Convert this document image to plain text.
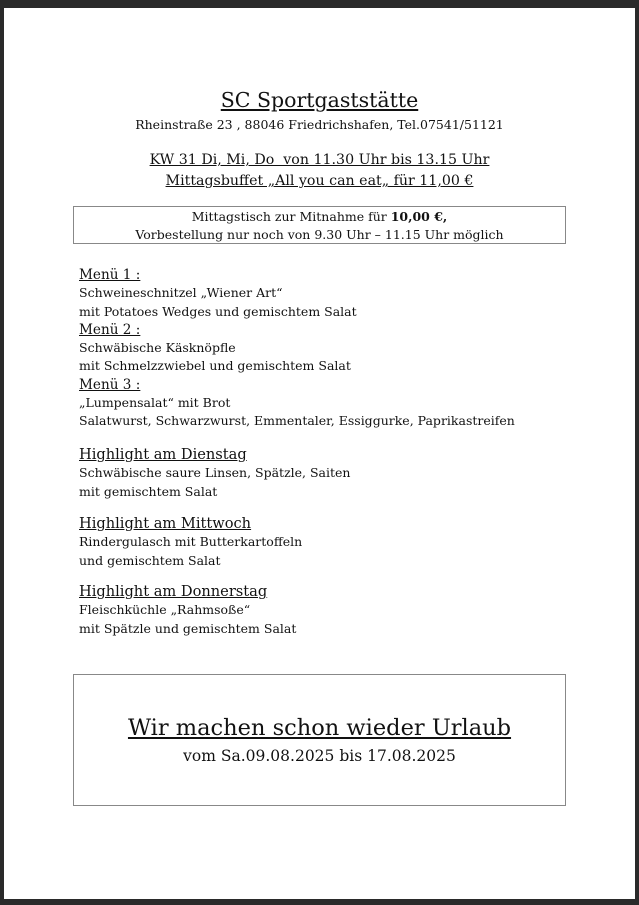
SC Sportgaststätte
Rheinstraße 23 , 88046 Friedrichshafen, Tel.07541/51121
KW 31 Di, Mi, Do  von 11.30 Uhr bis 13.15 Uhr
Mittagsbuffet „All you can eat„ für 11,00 €
Mittagstisch zur Mitnahme für 10,00 €,
Vorbestellung nur noch von 9.30 Uhr – 11.15 Uhr möglich
Menü 1 :
Schweineschnitzel „Wiener Art“
mit Potatoes Wedges und gemischtem Salat
Menü 2 :
Schwäbische Käsknöpfle
mit Schmelzzwiebel und gemischtem Salat
Menü 3 :
„Lumpensalat“ mit Brot
Salatwurst, Schwarzwurst, Emmentaler, Essiggurke, Paprikastreifen
Highlight am Dienstag
Schwäbische saure Linsen, Spätzle, Saiten
mit gemischtem Salat
Highlight am Mittwoch
Rindergulasch mit Butterkartoffeln
und gemischtem Salat
Highlight am Donnerstag
Fleischküchle „Rahmsoße“
mit Spätzle und gemischtem Salat
Wir machen schon wieder Urlaub
vom Sa.09.08.2025 bis 17.08.2025
